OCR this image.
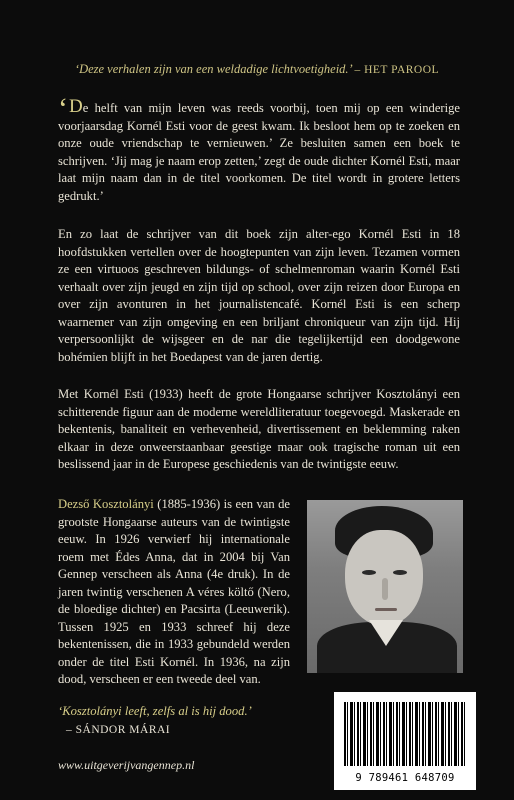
‘Deze verhalen zijn van een weldadige lichtvoetigheid.’ – HET PAROOL

‘De helft van mijn leven was reeds voorbij, toen mij op een winderige voorjaarsdag Kornél Esti voor de geest kwam. Ik besloot hem op te zoeken en onze oude vriendschap te vernieuwen.’ Ze besluiten samen een boek te schrijven. ‘Jij mag je naam erop zetten,’ zegt de oude dichter Kornél Esti, maar laat mijn naam dan in de titel voorkomen. De titel wordt in grotere letters gedrukt.’

En zo laat de schrijver van dit boek zijn alter-ego Kornél Esti in 18 hoofdstukken vertellen over de hoogtepunten van zijn leven. Tezamen vormen ze een virtuoos geschreven bildungs- of schelmenroman waarin Kornél Esti verhaalt over zijn jeugd en zijn tijd op school, over zijn reizen door Europa en over zijn avonturen in het journalistencafé. Kornél Esti is een scherp waarnemer van zijn omgeving en een briljant chroniqueur van zijn tijd. Hij verpersoonlijkt de wijsgeer en de nar die tegelijkertijd een doodgewone bohémien blijft in het Boedapest van de jaren dertig.

Met Kornél Esti (1933) heeft de grote Hongaarse schrijver Kosztolányi een schitterende figuur aan de moderne wereldliteratuur toegevoegd. Maskerade en bekentenis, banaliteit en verhevenheid, divertissement en beklemming raken elkaar in deze onweerstaanbaar geestige maar ook tragische roman uit een beslissend jaar in de Europese geschiedenis van de twintigste eeuw.

Dezső Kosztolányi (1885-1936) is een van de grootste Hongaarse auteurs van de twintigste eeuw. In 1926 verwierf hij internationale roem met Édes Anna, dat in 2004 bij Van Gennep verscheen als Anna (4e druk). In de jaren twintig verschenen A véres költő (Nero, de bloedige dichter) en Pacsirta (Leeuwerik). Tussen 1925 en 1933 schreef hij deze bekentenissen, die in 1933 gebundeld werden onder de titel Esti Kornél. In 1936, na zijn dood, verscheen er een tweede deel van.

‘Kosztolányi leeft, zelfs al is hij dood.’
– SÁNDOR MÁRAI

www.uitgeverijvangennep.nl
9 789461 648709
